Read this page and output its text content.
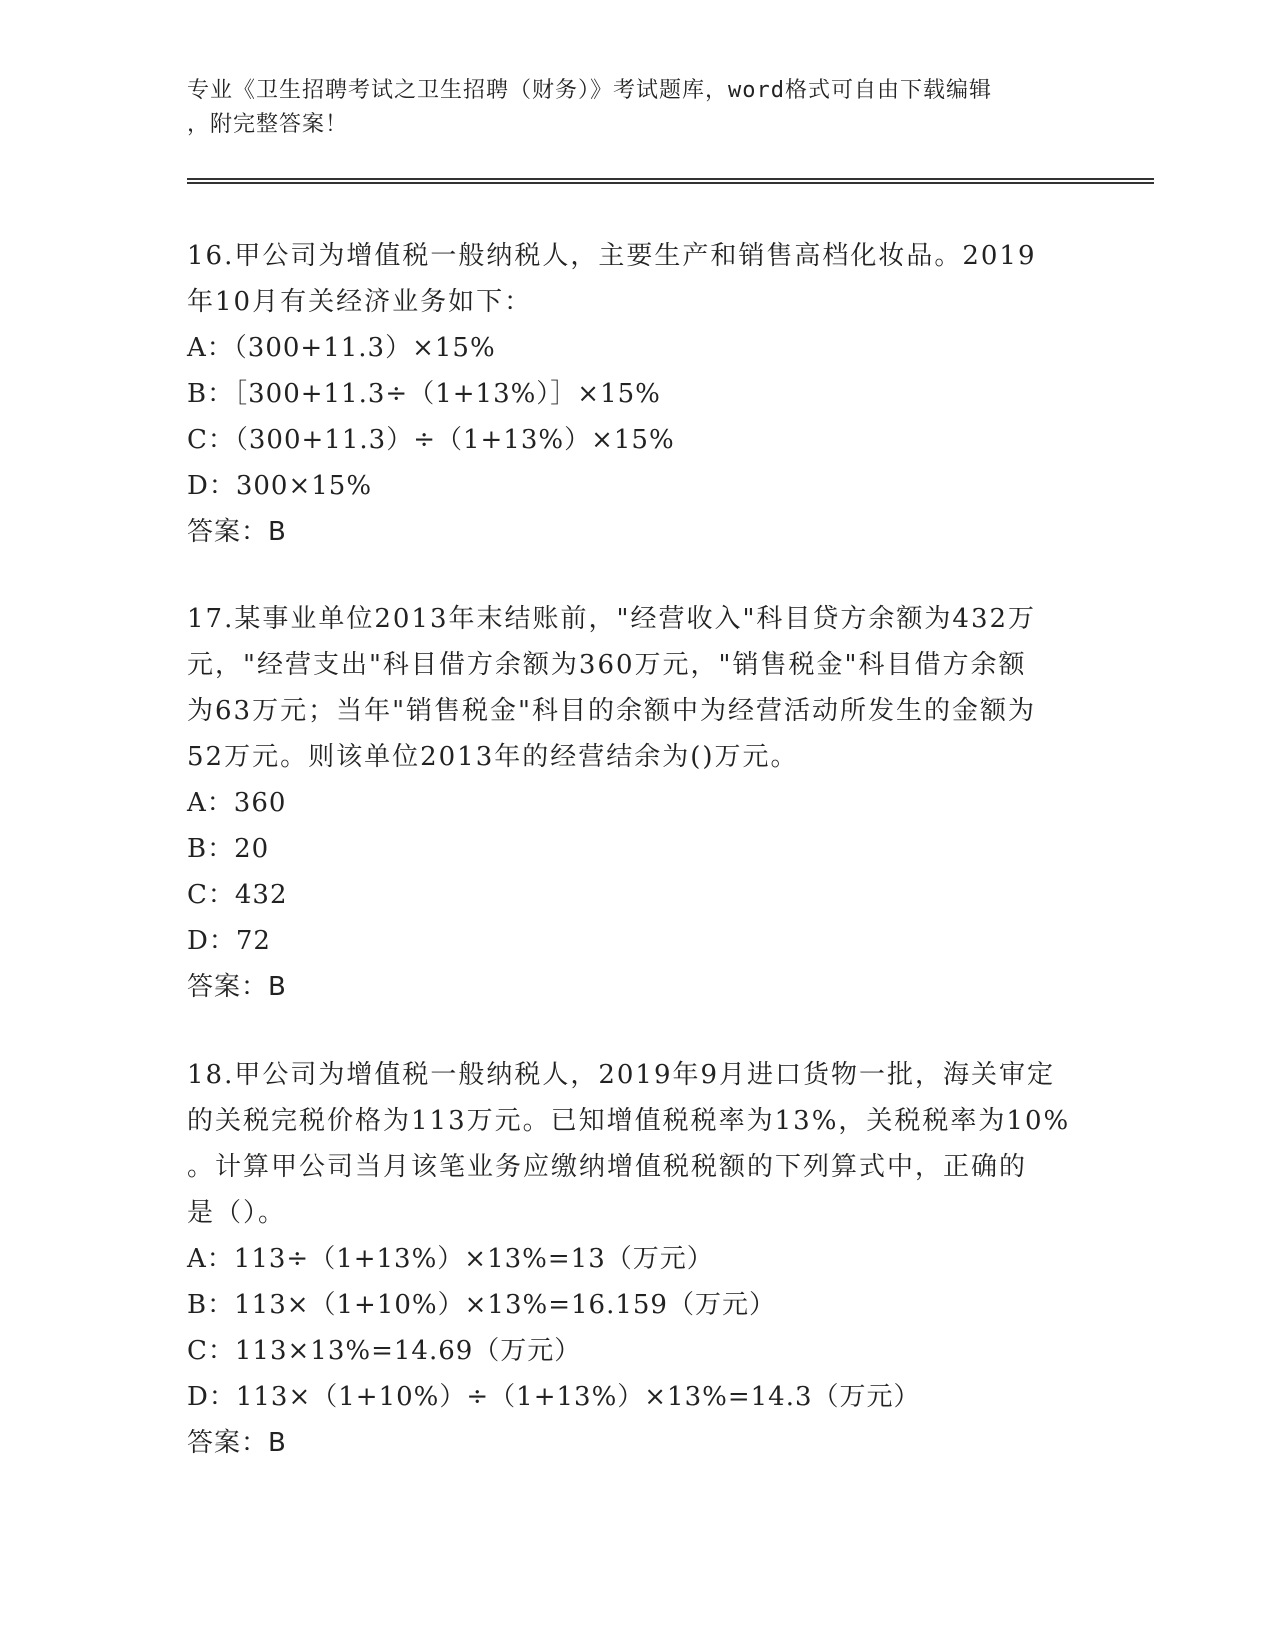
专业《卫生招聘考试之卫生招聘（财务）》考试题库，word格式可自由下载编辑
，附完整答案！

16.甲公司为增值税一般纳税人，主要生产和销售高档化妆品。2019

年10月有关经济业务如下：

A：（300+11.3）×15%

B：［300+11.3÷（1+13%）］×15%

C：（300+11.3）÷（1+13%）×15%

D：300×15%

答案：B

17.某事业单位2013年末结账前，"经营收入"科目贷方余额为432万

元，"经营支出"科目借方余额为360万元，"销售税金"科目借方余额

为63万元；当年"销售税金"科目的余额中为经营活动所发生的金额为

52万元。则该单位2013年的经营结余为()万元。

A：360

B：20

C：432

D：72

答案：B

18.甲公司为增值税一般纳税人，2019年9月进口货物一批，海关审定

的关税完税价格为113万元。已知增值税税率为13%，关税税率为10%

。计算甲公司当月该笔业务应缴纳增值税税额的下列算式中，正确的

是（）。

A：113÷（1+13%）×13%=13（万元）

B：113×（1+10%）×13%=16.159（万元）

C：113×13%=14.69（万元）

D：113×（1+10%）÷（1+13%）×13%=14.3（万元）

答案：B
